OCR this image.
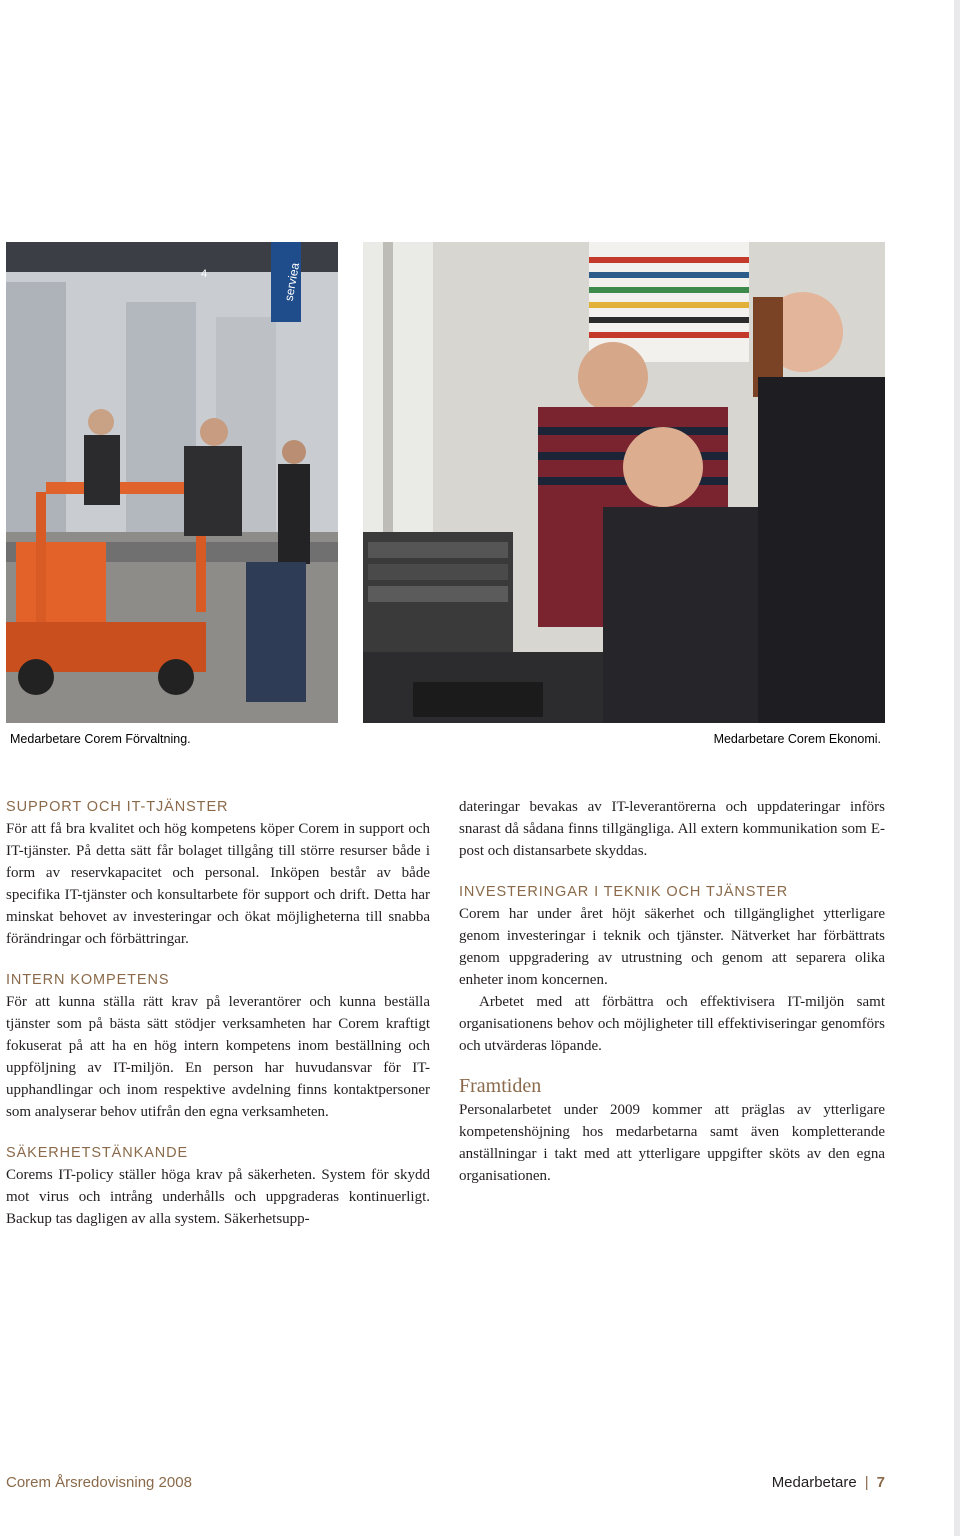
serviea
4
Medarbetare Corem Förvaltning.	Medarbetare Corem Ekonomi.
SUPPORT OCH IT-TJÄNSTER

För att få bra kvalitet och hög kompetens köper Corem in support och IT-tjänster. På detta sätt får bolaget tillgång till större resurser både i form av reservkapacitet och personal. Inköpen består av både specifika IT-tjänster och konsultarbete för support och drift. Detta har minskat behovet av investeringar och ökat möjligheterna till snabba förändringar och förbättringar.

INTERN KOMPETENS

För att kunna ställa rätt krav på leverantörer och kunna beställa tjänster som på bästa sätt stödjer verksamheten har Corem kraftigt fokuserat på att ha en hög intern kompetens inom beställning och uppföljning av IT-miljön. En person har huvudansvar för IT-upphandlingar och inom respektive avdelning finns kontaktpersoner som analyserar behov utifrån den egna verksamheten.

SÄKERHETSTÄNKANDE

Corems IT-policy ställer höga krav på säkerheten. System för skydd mot virus och intrång underhålls och uppgraderas kontinuerligt. Backup tas dagligen av alla system. Säkerhetsupp-

dateringar bevakas av IT-leverantörerna och uppdateringar införs snarast då sådana finns tillgängliga. All extern kommunikation som E-post och distansarbete skyddas.

INVESTERINGAR I TEKNIK OCH TJÄNSTER

Corem har under året höjt säkerhet och tillgänglighet ytterligare genom investeringar i teknik och tjänster. Nätverket har förbättrats genom uppgradering av utrustning och genom att separera olika enheter inom koncernen.

Arbetet med att förbättra och effektivisera IT-miljön samt organisationens behov och möjligheter till effektiviseringar genomförs och utvärderas löpande.

Framtiden

Personalarbetet under 2009 kommer att präglas av ytterligare kompetenshöjning hos medarbetarna samt även kompletterande anställningar i takt med att ytterligare uppgifter sköts av den egna organisationen.

Corem Årsredovisning 2008	Medarbetare | 7
